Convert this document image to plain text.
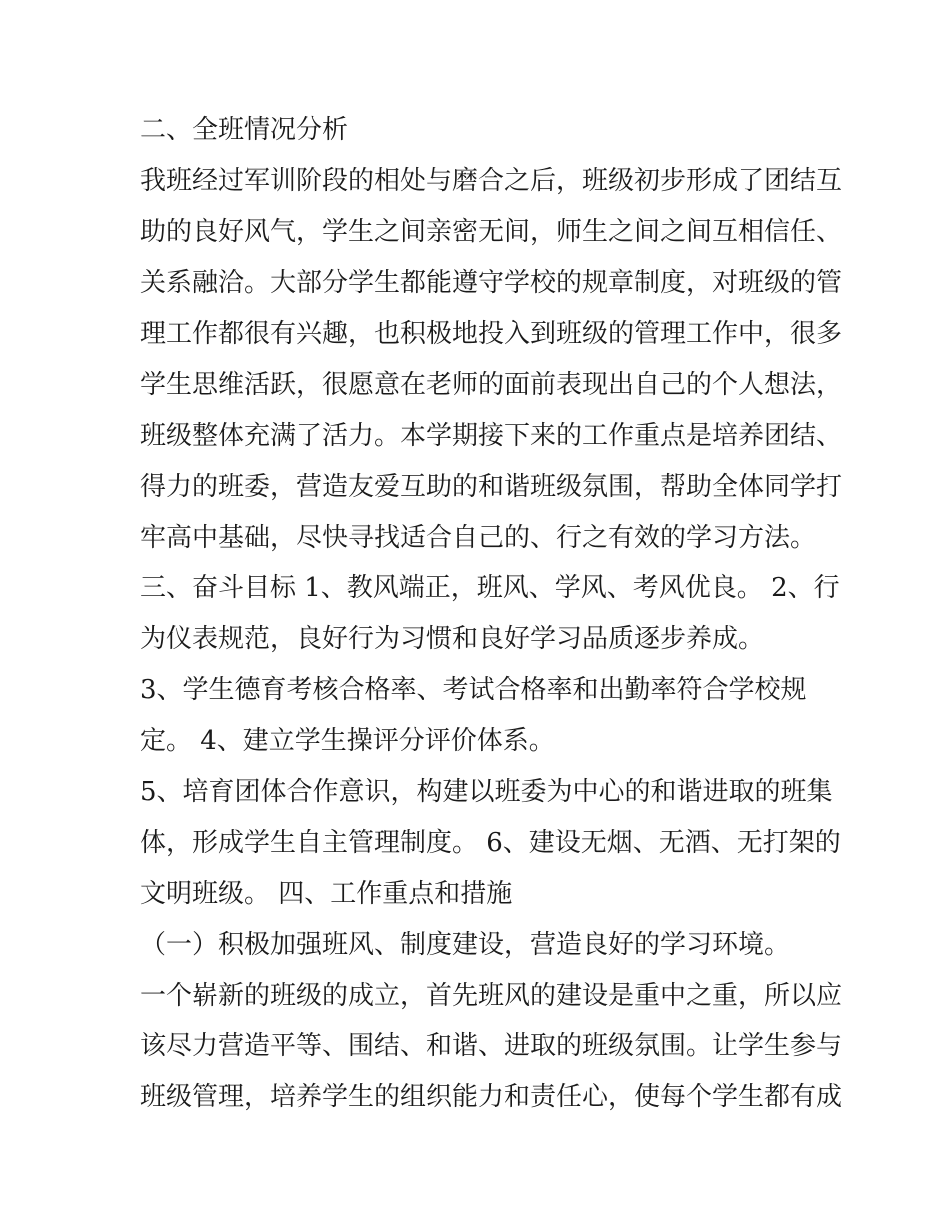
二、全班情况分析
我班经过军训阶段的相处与磨合之后，班级初步形成了团结互
助的良好风气，学生之间亲密无间，师生之间之间互相信任、
关系融洽。大部分学生都能遵守学校的规章制度，对班级的管
理工作都很有兴趣，也积极地投入到班级的管理工作中，很多
学生思维活跃，很愿意在老师的面前表现出自己的个人想法，
班级整体充满了活力。本学期接下来的工作重点是培养团结、
得力的班委，营造友爱互助的和谐班级氛围，帮助全体同学打
牢高中基础，尽快寻找适合自己的、行之有效的学习方法。
三、奋斗目标 1、教风端正，班风、学风、考风优良。 2、行
为仪表规范，良好行为习惯和良好学习品质逐步养成。
3、学生德育考核合格率、考试合格率和出勤率符合学校规
定。 4、建立学生操评分评价体系。
5、培育团体合作意识，构建以班委为中心的和谐进取的班集
体，形成学生自主管理制度。 6、建设无烟、无酒、无打架的
文明班级。 四、工作重点和措施
（一）积极加强班风、制度建设，营造良好的学习环境。
一个崭新的班级的成立，首先班风的建设是重中之重，所以应
该尽力营造平等、围结、和谐、进取的班级氛围。让学生参与
班级管理，培养学生的组织能力和责任心，使每个学生都有成
